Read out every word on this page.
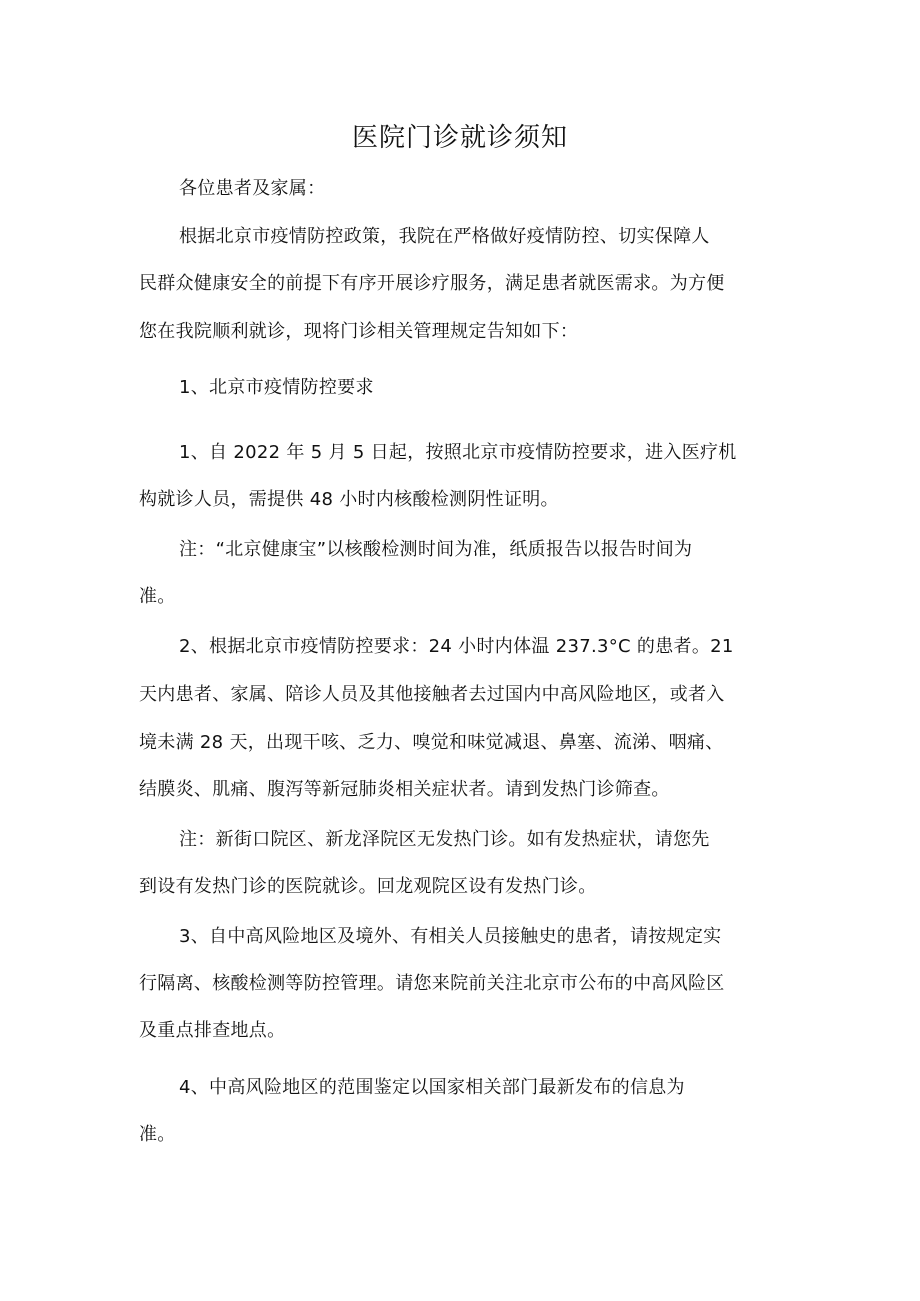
医院门诊就诊须知
各位患者及家属：
根据北京市疫情防控政策，我院在严格做好疫情防控、切实保障人
民群众健康安全的前提下有序开展诊疗服务，满足患者就医需求。为方便
您在我院顺利就诊，现将门诊相关管理规定告知如下：
1、北京市疫情防控要求
1、自 2022 年 5 月 5 日起，按照北京市疫情防控要求，进入医疗机
构就诊人员，需提供 48 小时内核酸检测阴性证明。
注：“北京健康宝”以核酸检测时间为准，纸质报告以报告时间为
准。
2、根据北京市疫情防控要求：24 小时内体温 237.3°C 的患者。21
天内患者、家属、陪诊人员及其他接触者去过国内中高风险地区，或者入
境未满 28 天，出现干咳、乏力、嗅觉和味觉减退、鼻塞、流涕、咽痛、
结膜炎、肌痛、腹泻等新冠肺炎相关症状者。请到发热门诊筛查。
注：新街口院区、新龙泽院区无发热门诊。如有发热症状，请您先
到设有发热门诊的医院就诊。回龙观院区设有发热门诊。
3、自中高风险地区及境外、有相关人员接触史的患者，请按规定实
行隔离、核酸检测等防控管理。请您来院前关注北京市公布的中高风险区
及重点排查地点。
4、中高风险地区的范围鉴定以国家相关部门最新发布的信息为
准。
